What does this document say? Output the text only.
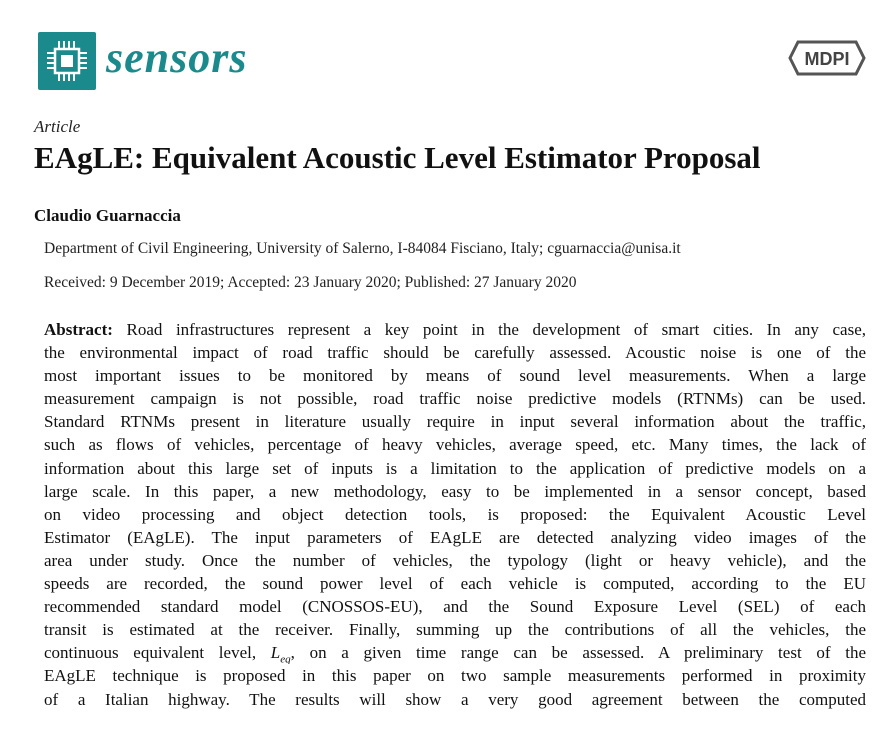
sensors	MDPI
Article
EAgLE: Equivalent Acoustic Level Estimator Proposal
Claudio Guarnaccia
Department of Civil Engineering, University of Salerno, I-84084 Fisciano, Italy; cguarnaccia@unisa.it
Received: 9 December 2019; Accepted: 23 January 2020; Published: 27 January 2020
Abstract: Road infrastructures represent a key point in the development of smart cities. In any case,
the environmental impact of road traffic should be carefully assessed. Acoustic noise is one of the
most important issues to be monitored by means of sound level measurements. When a large
measurement campaign is not possible, road traffic noise predictive models (RTNMs) can be used.
Standard RTNMs present in literature usually require in input several information about the traffic,
such as flows of vehicles, percentage of heavy vehicles, average speed, etc. Many times, the lack of
information about this large set of inputs is a limitation to the application of predictive models on a
large scale. In this paper, a new methodology, easy to be implemented in a sensor concept, based
on video processing and object detection tools, is proposed: the Equivalent Acoustic Level
Estimator (EAgLE). The input parameters of EAgLE are detected analyzing video images of the
area under study. Once the number of vehicles, the typology (light or heavy vehicle), and the
speeds are recorded, the sound power level of each vehicle is computed, according to the EU
recommended standard model (CNOSSOS-EU), and the Sound Exposure Level (SEL) of each
transit is estimated at the receiver. Finally, summing up the contributions of all the vehicles, the
continuous equivalent level, $L_{eq}$, on a given time range can be assessed. A preliminary test of the
EAgLE technique is proposed in this paper on two sample measurements performed in proximity
of a Italian highway. The results will show a very good agreement between the computed
